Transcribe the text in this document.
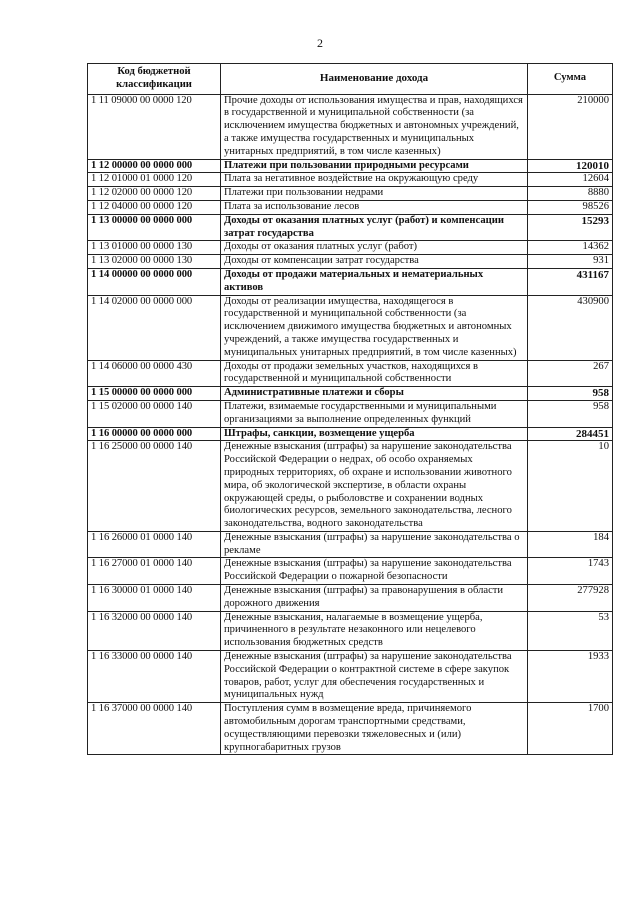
2
Код бюджетной классификации	Наименование дохода	Сумма
1 11 09000 00 0000 120	Прочие доходы от использования имущества и прав, находящихся в государственной и муниципальной собственности (за исключением имущества бюджетных и автономных учреждений, а также имущества государственных и муниципальных унитарных предприятий, в том числе казенных)	210000
1 12 00000 00 0000 000	Платежи при пользовании природными ресурсами	120010
1 12 01000 01 0000 120	Плата за негативное воздействие на окружающую среду	12604
1 12 02000 00 0000 120	Платежи при пользовании недрами	8880
1 12 04000 00 0000 120	Плата за использование лесов	98526
1 13 00000 00 0000 000	Доходы от оказания платных услуг (работ) и компенсации затрат государства	15293
1 13 01000 00 0000 130	Доходы от оказания платных услуг (работ)	14362
1 13 02000 00 0000 130	Доходы от компенсации затрат государства	931
1 14 00000 00 0000 000	Доходы от продажи материальных и нематериальных активов	431167
1 14 02000 00 0000 000	Доходы от реализации имущества, находящегося в государственной и муниципальной собственности (за исключением движимого имущества бюджетных и автономных учреждений, а также имущества государственных и муниципальных унитарных предприятий, в том числе казенных)	430900
1 14 06000 00 0000 430	Доходы от продажи земельных участков, находящихся в государственной и муниципальной собственности	267
1 15 00000 00 0000 000	Административные платежи и сборы	958
1 15 02000 00 0000 140	Платежи, взимаемые государственными и муниципальными организациями за выполнение определенных функций	958
1 16 00000 00 0000 000	Штрафы, санкции, возмещение ущерба	284451
1 16 25000 00 0000 140	Денежные взыскания (штрафы) за нарушение законодательства Российской Федерации о недрах, об особо охраняемых природных территориях, об охране и использовании животного мира, об экологической экспертизе, в области охраны окружающей среды, о рыболовстве и сохранении водных биологических ресурсов, земельного законодательства, лесного законодательства, водного законодательства	10
1 16 26000 01 0000 140	Денежные взыскания (штрафы) за нарушение законодательства о рекламе	184
1 16 27000 01 0000 140	Денежные взыскания (штрафы) за нарушение законодательства Российской Федерации о пожарной безопасности	1743
1 16 30000 01 0000 140	Денежные взыскания (штрафы) за правонарушения в области дорожного движения	277928
1 16 32000 00 0000 140	Денежные взыскания, налагаемые в возмещение ущерба, причиненного в результате незаконного или нецелевого использования бюджетных средств	53
1 16 33000 00 0000 140	Денежные взыскания (штрафы) за нарушение законодательства Российской Федерации о контрактной системе в сфере закупок товаров, работ, услуг для обеспечения государственных и муниципальных нужд	1933
1 16 37000 00 0000 140	Поступления сумм в возмещение вреда, причиняемого автомобильным дорогам транспортными средствами, осуществляющими перевозки тяжеловесных и (или) крупногабаритных грузов	1700
